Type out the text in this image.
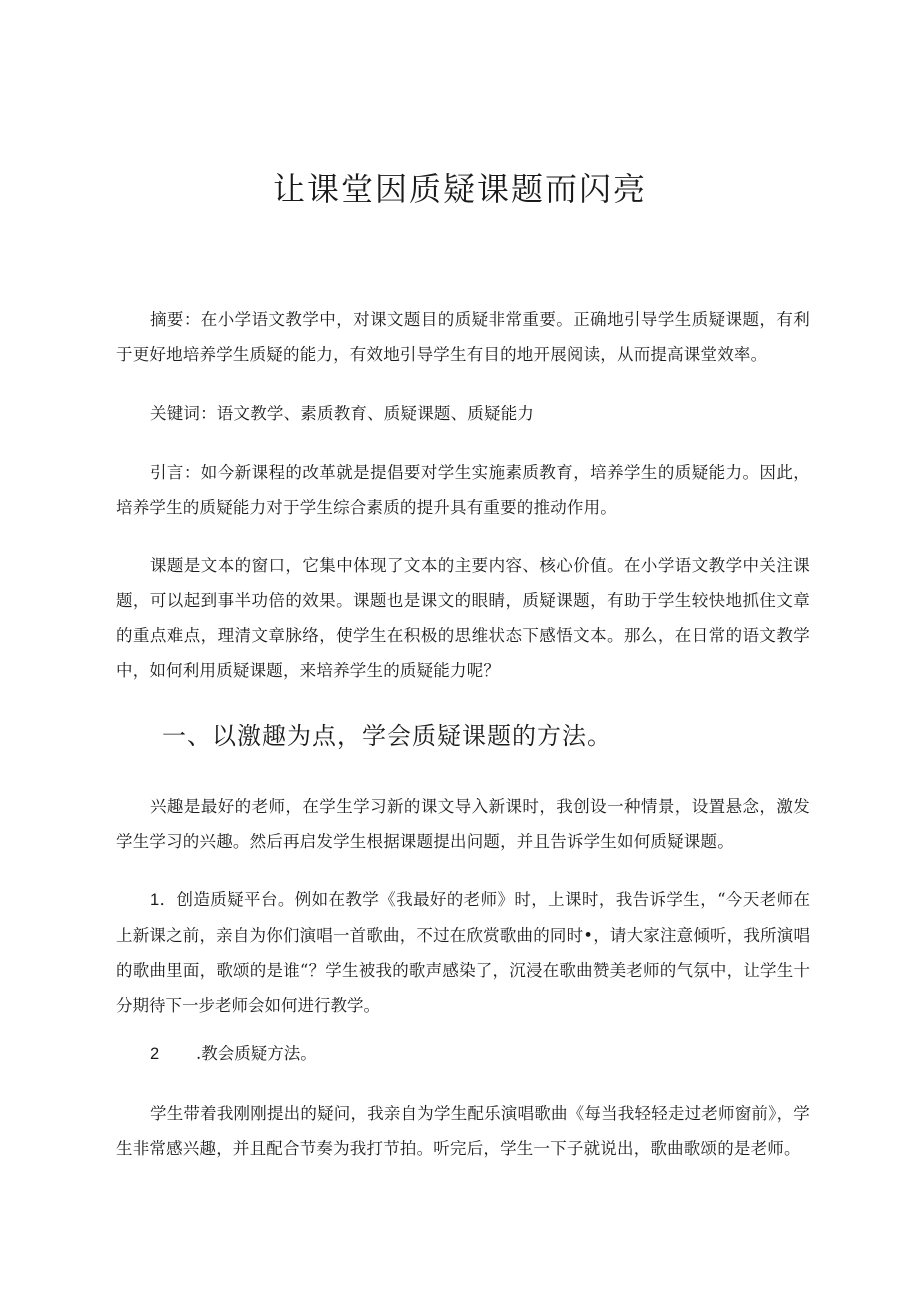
让课堂因质疑课题而闪亮

摘要：在小学语文教学中，对课文题目的质疑非常重要。正确地引导学生质疑课题，有利于更好地培养学生质疑的能力，有效地引导学生有目的地开展阅读，从而提高课堂效率。

关键词：语文教学、素质教育、质疑课题、质疑能力

引言：如今新课程的改革就是提倡要对学生实施素质教育，培养学生的质疑能力。因此，培养学生的质疑能力对于学生综合素质的提升具有重要的推动作用。

课题是文本的窗口，它集中体现了文本的主要内容、核心价值。在小学语文教学中关注课题，可以起到事半功倍的效果。课题也是课文的眼睛，质疑课题，有助于学生较快地抓住文章的重点难点，理清文章脉络，使学生在积极的思维状态下感悟文本。那么，在日常的语文教学中，如何利用质疑课题，来培养学生的质疑能力呢？

一、以激趣为点，学会质疑课题的方法。

兴趣是最好的老师，在学生学习新的课文导入新课时，我创设一种情景，设置悬念，激发学生学习的兴趣。然后再启发学生根据课题提出问题，并且告诉学生如何质疑课题。

1．创造质疑平台。例如在教学《我最好的老师》时，上课时，我告诉学生，“今天老师在上新课之前，亲自为你们演唱一首歌曲，不过在欣赏歌曲的同时•，请大家注意倾听，我所演唱的歌曲里面，歌颂的是谁“？学生被我的歌声感染了，沉浸在歌曲赞美老师的气氛中，让学生十分期待下一步老师会如何进行教学。

2 .教会质疑方法。

学生带着我刚刚提出的疑问，我亲自为学生配乐演唱歌曲《每当我轻轻走过老师窗前》，学生非常感兴趣，并且配合节奏为我打节拍。听完后，学生一下子就说出，歌曲歌颂的是老师。
